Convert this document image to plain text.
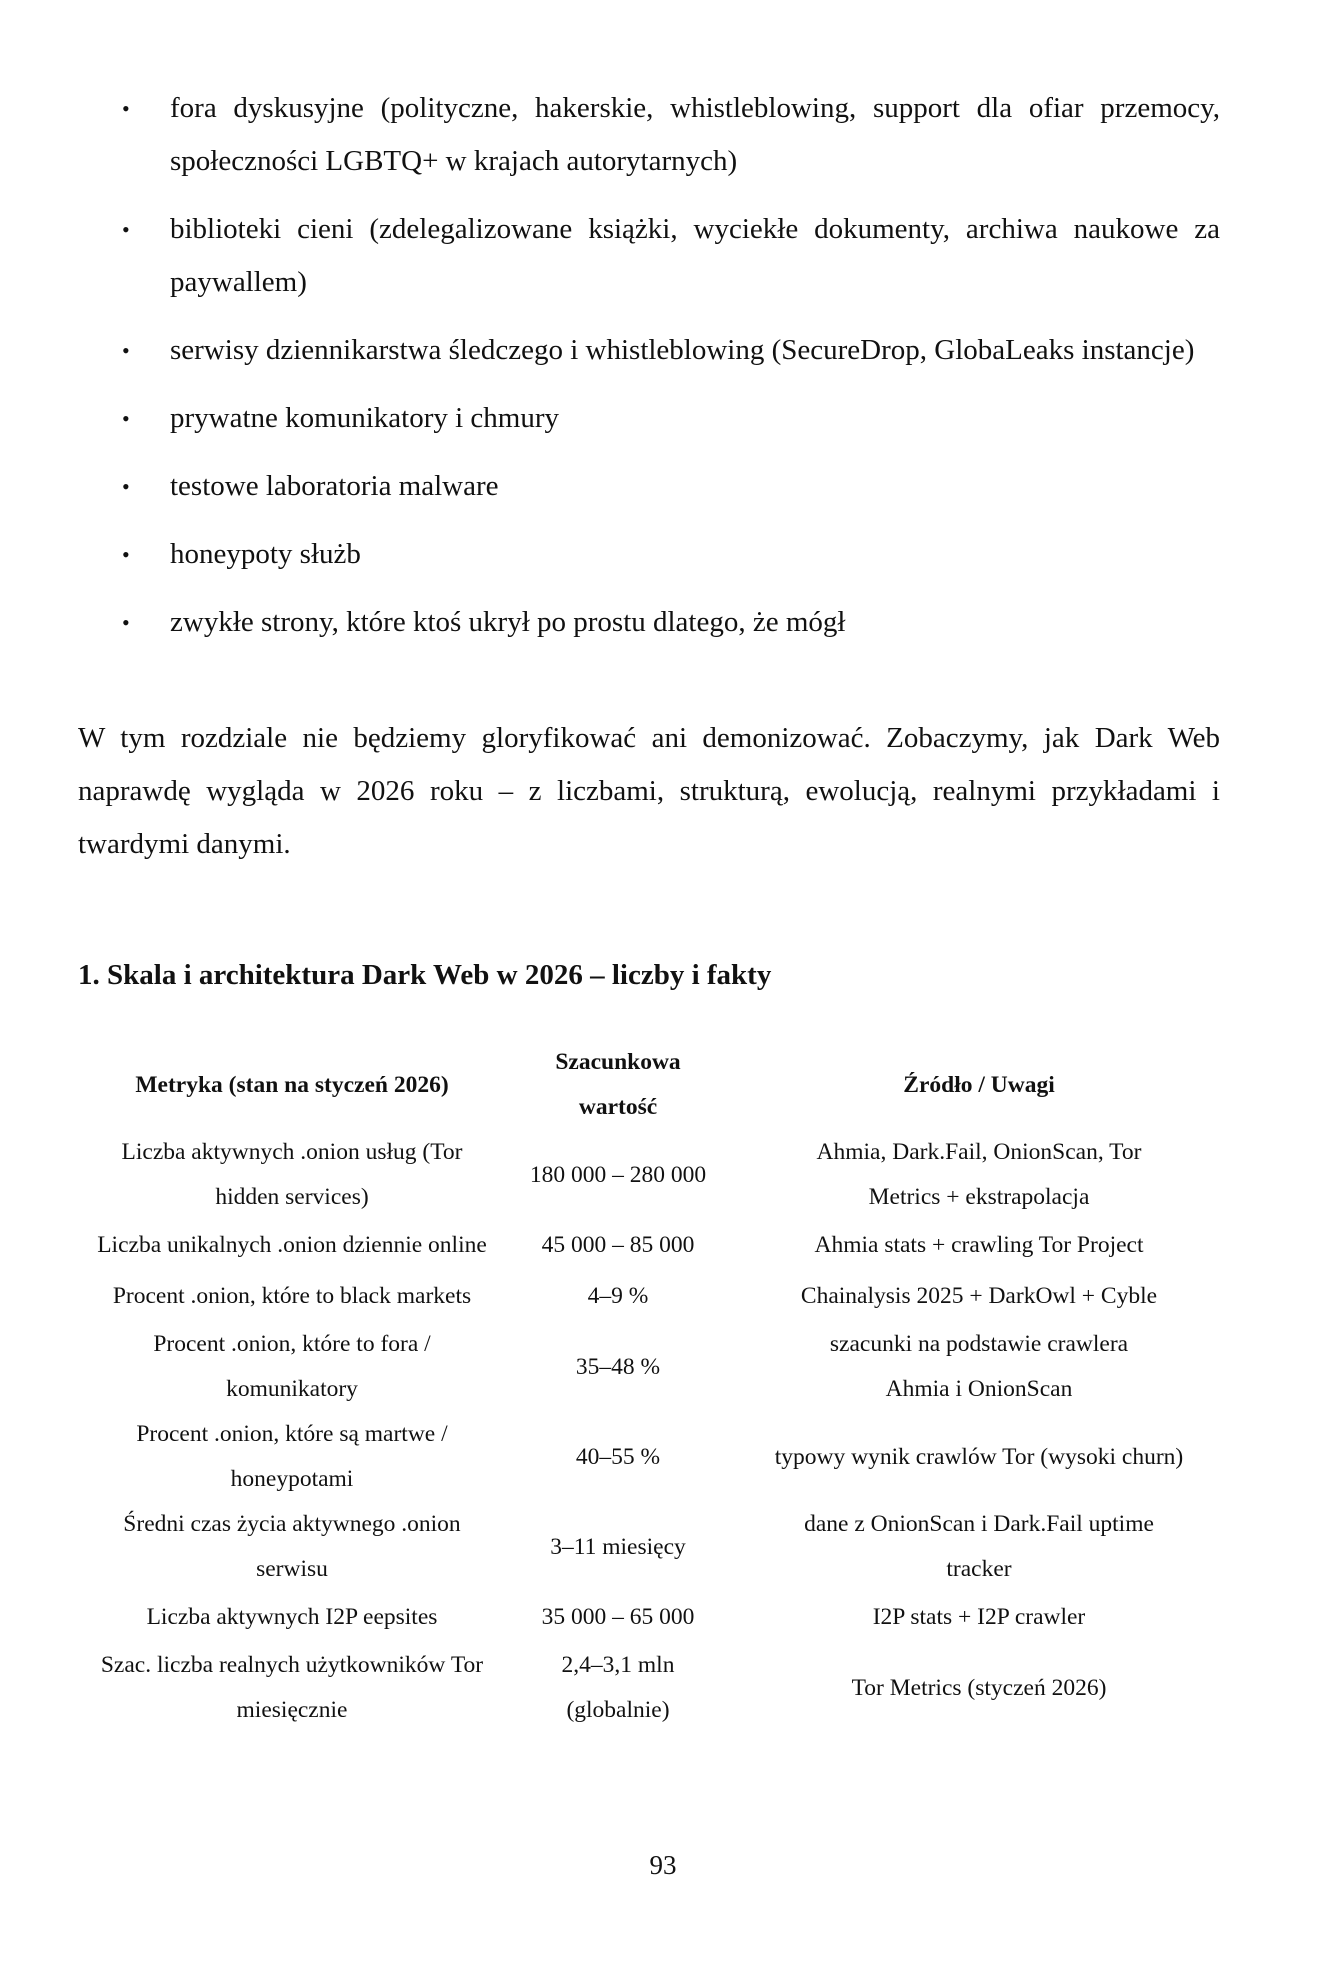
• fora dyskusyjne (polityczne, hakerskie, whistleblowing, support dla ofiar przemocy, społeczności LGBTQ+ w krajach autorytarnych)
• biblioteki cieni (zdelegalizowane książki, wyciekłe dokumenty, archiwa naukowe za paywallem)
• serwisy dziennikarstwa śledczego i whistleblowing (SecureDrop, GlobaLeaks instancje)
• prywatne komunikatory i chmury
• testowe laboratoria malware
• honeypoty służb
• zwykłe strony, które ktoś ukrył po prostu dlatego, że mógł

W tym rozdziale nie będziemy gloryfikować ani demonizować. Zobaczymy, jak Dark Web naprawdę wygląda w 2026 roku – z liczbami, strukturą, ewolucją, realnymi przykładami i twardymi danymi.

1. Skala i architektura Dark Web w 2026 – liczby i fakty
Metryka (stan na styczeń 2026)	Szacunkowa wartość	Źródło / Uwagi
Liczba aktywnych .onion usług (Tor hidden services)	180 000 – 280 000	Ahmia, Dark.Fail, OnionScan, Tor Metrics + ekstrapolacja
Liczba unikalnych .onion dziennie online	45 000 – 85 000	Ahmia stats + crawling Tor Project
Procent .onion, które to black markets	4–9 %	Chainalysis 2025 + DarkOwl + Cyble
Procent .onion, które to fora / komunikatory	35–48 %	szacunki na podstawie crawlera Ahmia i OnionScan
Procent .onion, które są martwe / honeypotami	40–55 %	typowy wynik crawlów Tor (wysoki churn)
Średni czas życia aktywnego .onion serwisu	3–11 miesięcy	dane z OnionScan i Dark.Fail uptime tracker
Liczba aktywnych I2P eepsites	35 000 – 65 000	I2P stats + I2P crawler
Szac. liczba realnych użytkowników Tor miesięcznie	2,4–3,1 mln (globalnie)	Tor Metrics (styczeń 2026)
93
